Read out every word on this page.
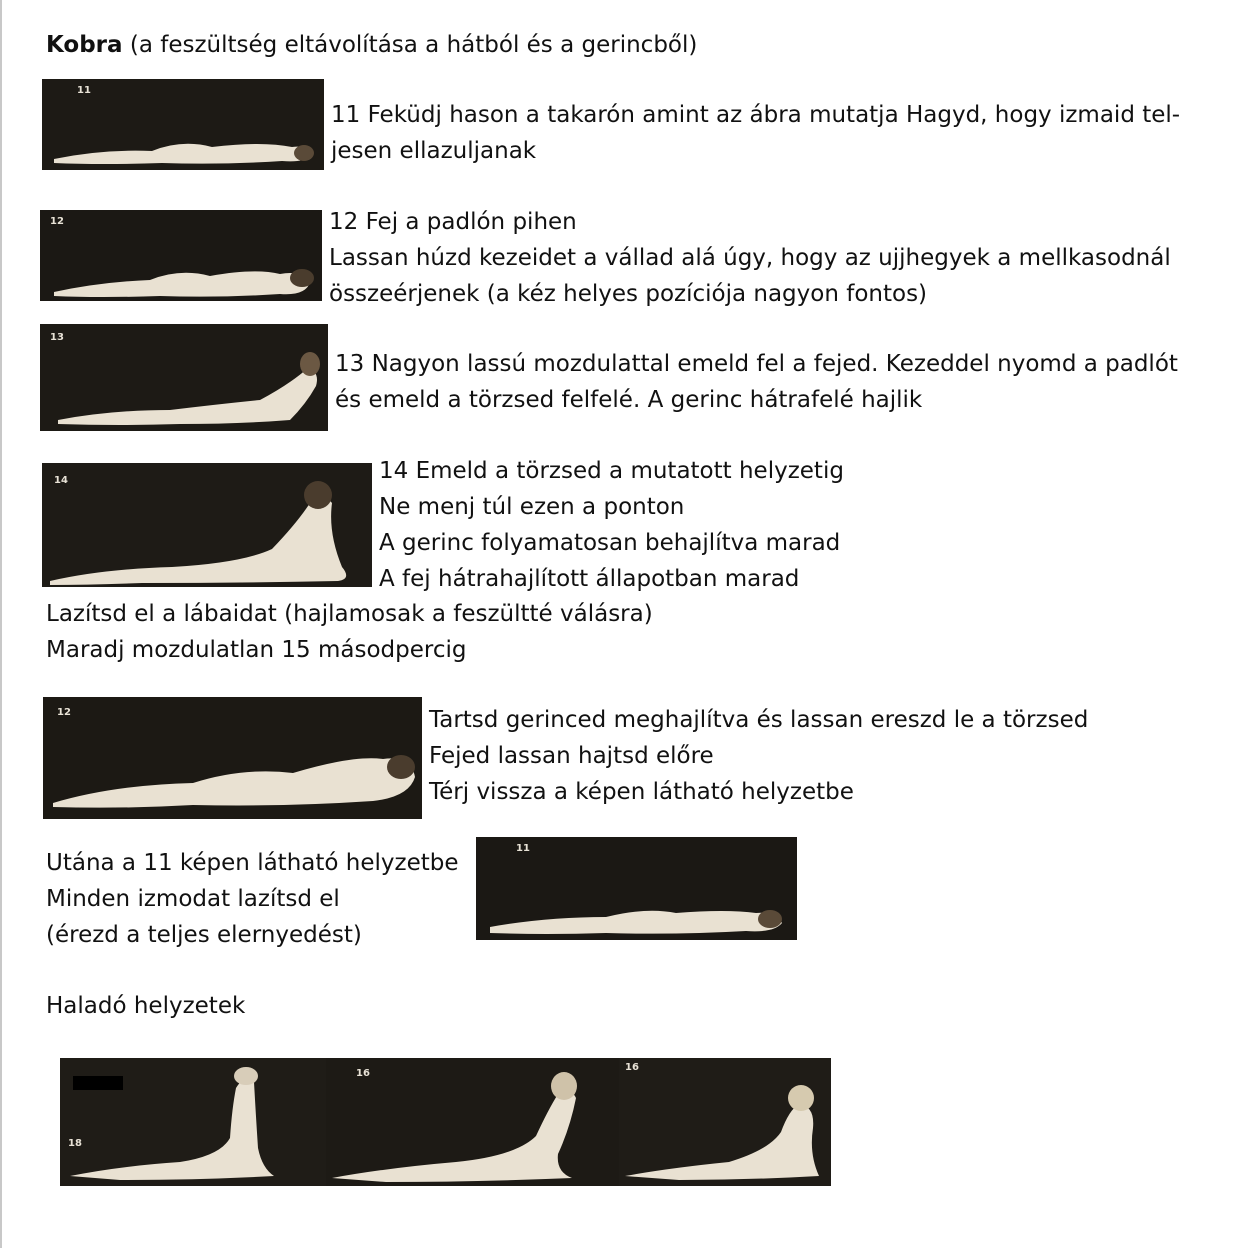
Kobra (a feszültség eltávolítása a hátból és a gerincből)
11
11 Feküdj hason a takarón amint az ábra mutatja Hagyd, hogy izmaid tel-
jesen ellazuljanak
12	12 Fej a padlón pihen
Lassan húzd kezeidet a vállad alá úgy, hogy az ujjhegyek a mellkasodnál
összeérjenek (a kéz helyes pozíciója nagyon fontos)
13
13 Nagyon lassú mozdulattal emeld fel a fejed. Kezeddel nyomd a padlót
és emeld a törzsed felfelé. A gerinc hátrafelé hajlik
14	14 Emeld a törzsed a mutatott helyzetig
Ne menj túl ezen a ponton
A gerinc folyamatosan behajlítva marad
A fej hátrahajlított állapotban marad
Lazítsd el a lábaidat (hajlamosak a feszültté válásra)
Maradj mozdulatlan 15 másodpercig
12	Tartsd gerinced meghajlítva és lassan ereszd le a törzsed
Fejed lassan hajtsd előre
Térj vissza a képen látható helyzetbe
Utána a 11 képen látható helyzetbe
Minden izmodat lazítsd el
(érezd a teljes elernyedést)
11
Haladó helyzetek
18
16
16
